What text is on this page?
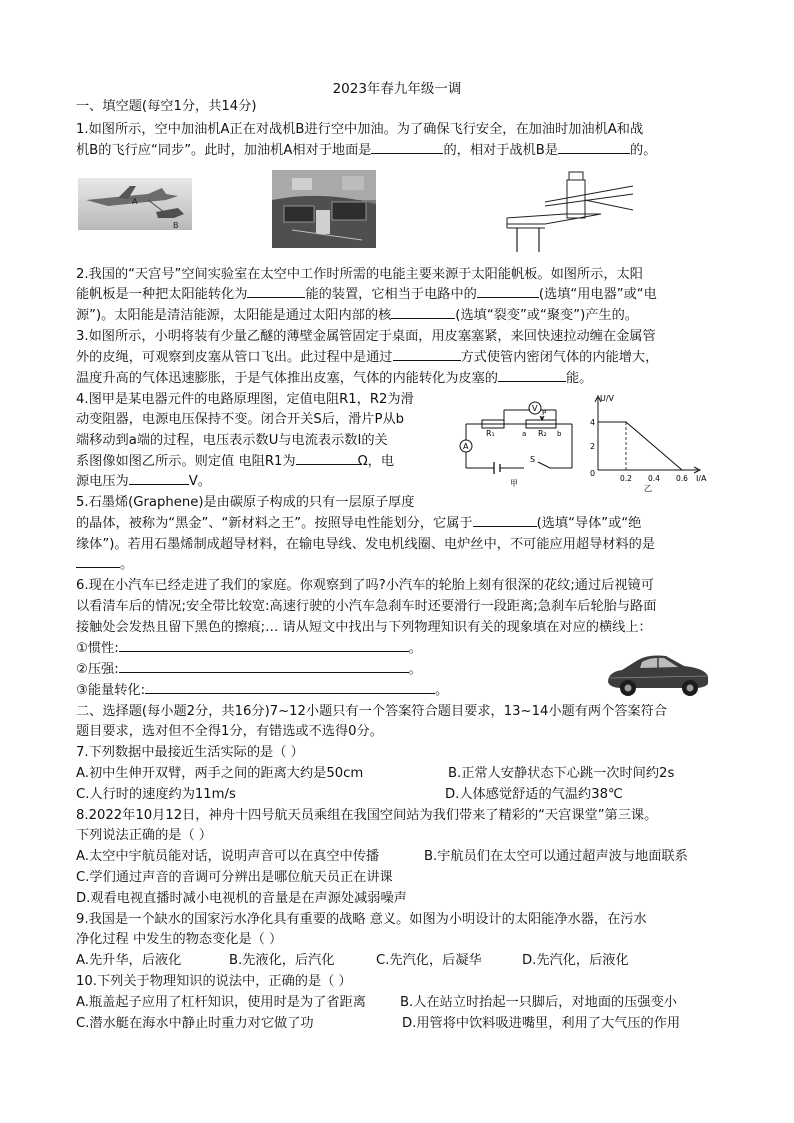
2023年春九年级一调
一、填空题(每空1分，共14分)
1.如图所示，空中加油机A正在对战机B进行空中加油。为了确保飞行安全，在加油时加油机A和战
机B的飞行应“同步”。此时，加油机A相对于地面是	的，相对于战机B是	的。
A
B
2.我国的“天宫号”空间实验室在太空中工作时所需的电能主要来源于太阳能帆板。如图所示，太阳
能帆板是一种把太阳能转化为	能的装置，它相当于电路中的	(选填“用电器”或“电
源”)。太阳能是清洁能源，太阳能是通过太阳内部的核	(选填“裂变”或“聚变”)产生的。
3.如图所示，小明将装有少量乙醚的薄壁金属管固定于桌面，用皮塞塞紧，来回快速拉动缠在金属管
外的皮绳，可观察到皮塞从管口飞出。此过程中是通过	方式使管内密闭气体的内能增大，
温度升高的气体迅速膨胀，于是气体推出皮塞，气体的内能转化为皮塞的	能。
4.图甲是某电器元件的电路原理图，定值电阻R1，R2为滑
动变阻器，电源电压保持不变。闭合开关S后，滑片P从b
端移动到a端的过程，电压表示数U与电流表示数I的关
系图像如图乙所示。则定值 电阻R1为	Ω，电
源电压为	V。
V
A
R₁	R₂
P
a	b
S
甲
U/V
I/A
0
4
2
0.2 0.4 0.6
乙
5.石墨烯(Graphene)是由碳原子构成的只有一层原子厚度
的晶体，被称为“黑金”、“新材料之王”。按照导电性能划分，它属于	(选填“导体”或“绝
缘体”)。若用石墨烯制成超导材料，在输电导线、发电机线圈、电炉丝中，不可能应用超导材料的是
。
6.现在小汽车已经走进了我们的家庭。你观察到了吗?小汽车的轮胎上刻有很深的花纹;通过后视镜可
以看清车后的情况;安全带比较宽:高速行驶的小汽车急刹车时还要滑行一段距离;急刹车后轮胎与路面
接触处会发热且留下黑色的擦痕;… 请从短文中找出与下列物理知识有关的现象填在对应的横线上：
①惯性:	。
②压强:	。
③能量转化:	。
二、选择题(每小题2分，共16分)7~12小题只有一个答案符合题目要求，13~14小题有两个答案符合
题目要求，选对但不全得1分，有错选或不选得0分。
7.下列数据中最接近生活实际的是（ ）
A.初中生伸开双臂，两手之间的距离大约是50cm	B.正常人安静状态下心跳一次时间约2s
C.人行时的速度约为11m/s	D.人体感觉舒适的气温约38℃
8.2022年10月12日，神舟十四号航天员乘组在我国空间站为我们带来了精彩的“天宫课堂”第三课。
下列说法正确的是（ ）
A.太空中宇航员能对话，说明声音可以在真空中传播	B.宇航员们在太空可以通过超声波与地面联系
C.学们通过声音的音调可分辨出是哪位航天员正在讲课
D.观看电视直播时减小电视机的音量是在声源处减弱噪声
9.我国是一个缺水的国家污水净化具有重要的战略 意义。如图为小明设计的太阳能净水器，在污水
净化过程 中发生的物态变化是（ ）
A.先升华，后液化	B.先液化，后汽化	C.先汽化，后凝华	D.先汽化，后液化
10.下列关于物理知识的说法中，正确的是（ ）
A.瓶盖起子应用了杠杆知识，使用时是为了省距离	B.人在站立时抬起一只脚后，对地面的压强变小
C.潜水艇在海水中静止时重力对它做了功	D.用管将中饮料吸进嘴里，利用了大气压的作用
